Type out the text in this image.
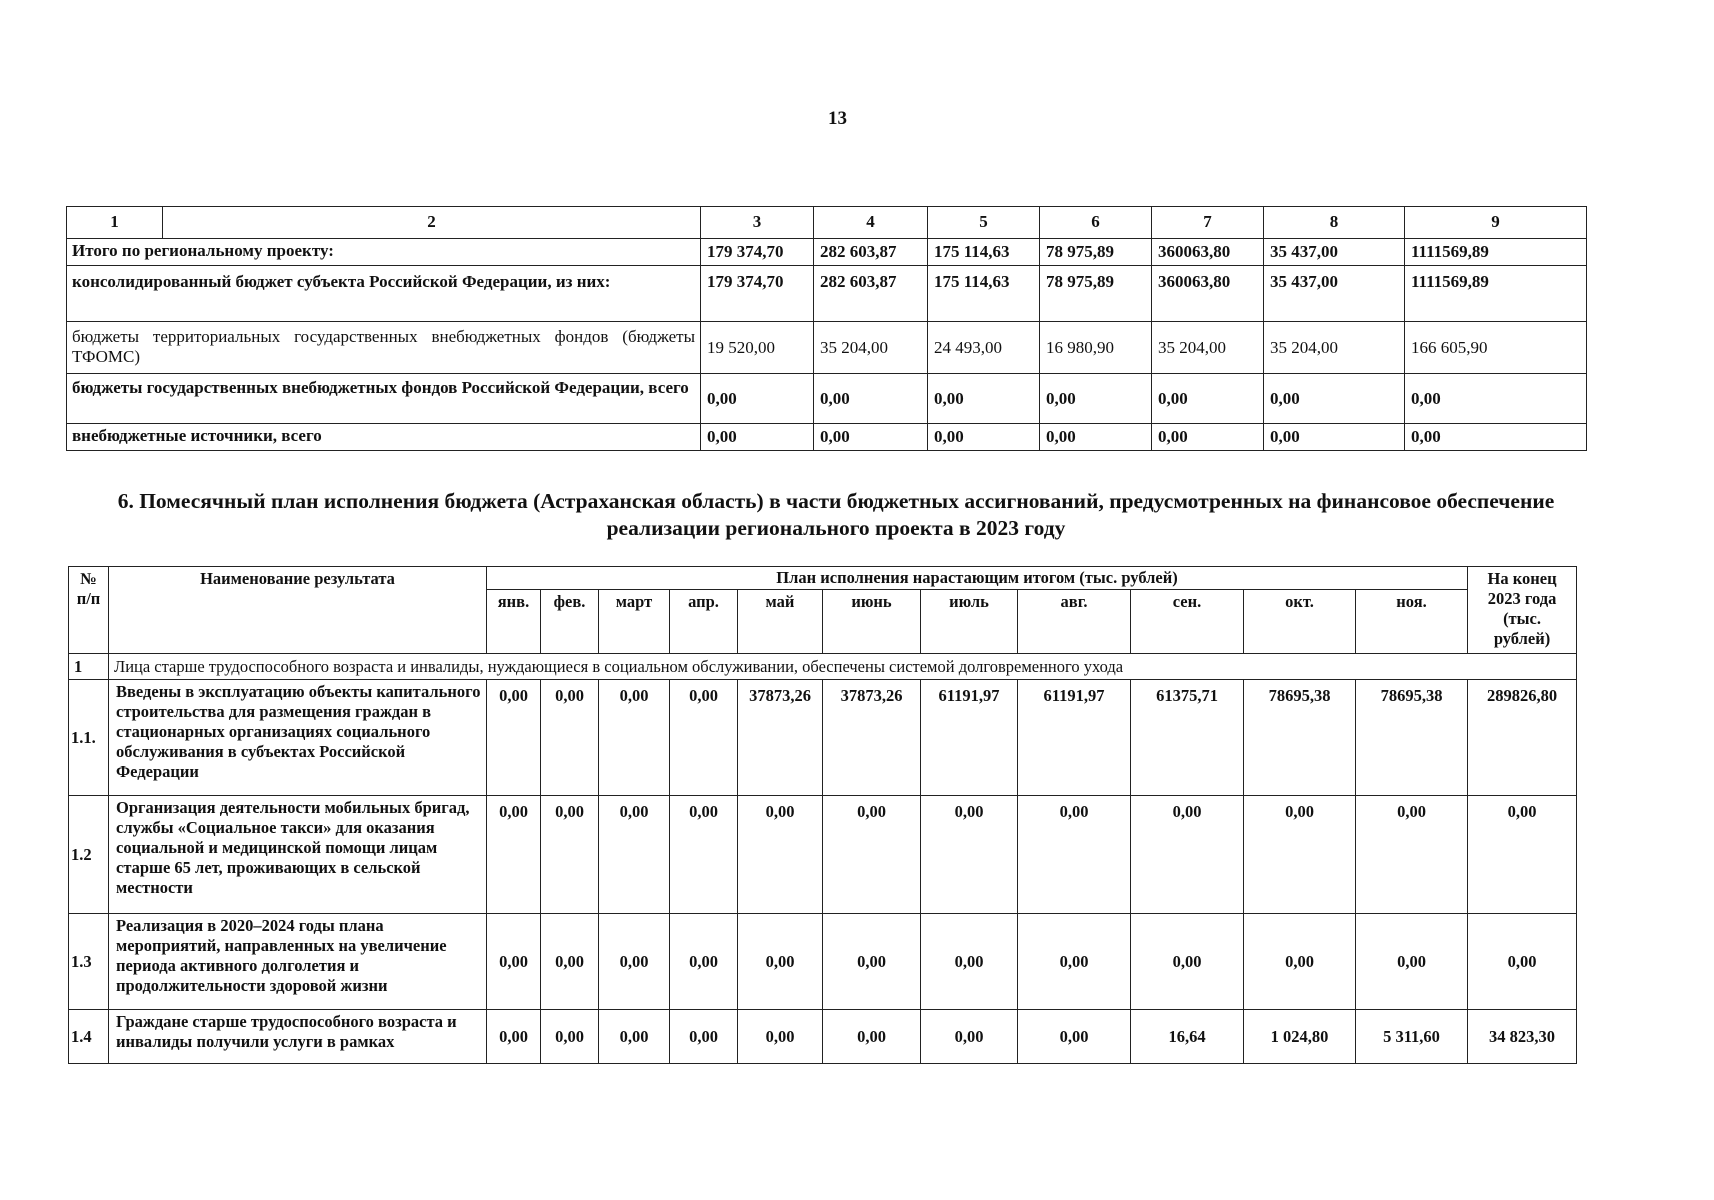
13
1	2	3	4	5	6	7	8	9
Итого по региональному проекту:		179 374,70	282 603,87	175 114,63	78 975,89	360063,80	35 437,00	1111569,89
консолидированный бюджет субъекта Российской Федерации, из них:		179 374,70	282 603,87	175 114,63	78 975,89	360063,80	35 437,00	1111569,89
бюджеты территориальных государственных внебюджетных фондов (бюджеты ТФОМС)		19 520,00	35 204,00	24 493,00	16 980,90	35 204,00	35 204,00	166 605,90
бюджеты государственных внебюджетных фондов Российской Федерации, всего		0,00	0,00	0,00	0,00	0,00	0,00	0,00
внебюджетные источники, всего		0,00	0,00	0,00	0,00	0,00	0,00	0,00
6. Помесячный план исполнения бюджета (Астраханская область) в части бюджетных ассигнований, предусмотренных на финансовое обеспечение реализации регионального проекта в 2023 году
№ п/п	Наименование результата	План исполнения нарастающим итогом (тыс. рублей)											На конец 2023 года (тыс. рублей)
		янв.	фев.	март	апр.	май	июнь	июль	авг.	сен.	окт.	ноя.	
1	Лица старше трудоспособного возраста и инвалиды, нуждающиеся в социальном обслуживании, обеспечены системой долговременного ухода												
1.1.	Введены в эксплуатацию объекты капитального строительства для размещения граждан в стационарных организациях социального обслуживания в субъектах Российской Федерации	0,00	0,00	0,00	0,00	37873,26	37873,26	61191,97	61191,97	61375,71	78695,38	78695,38	289826,80
1.2	Организация деятельности мобильных бригад, службы «Социальное такси» для оказания социальной и медицинской помощи лицам старше 65 лет, проживающих в сельской местности	0,00	0,00	0,00	0,00	0,00	0,00	0,00	0,00	0,00	0,00	0,00	0,00
1.3	Реализация в 2020–2024 годы плана мероприятий, направленных на увеличение периода активного долголетия и продолжительности здоровой жизни	0,00	0,00	0,00	0,00	0,00	0,00	0,00	0,00	0,00	0,00	0,00	0,00
1.4	Граждане старше трудоспособного возраста и инвалиды получили услуги в рамках	0,00	0,00	0,00	0,00	0,00	0,00	0,00	0,00	16,64	1 024,80	5 311,60	34 823,30
